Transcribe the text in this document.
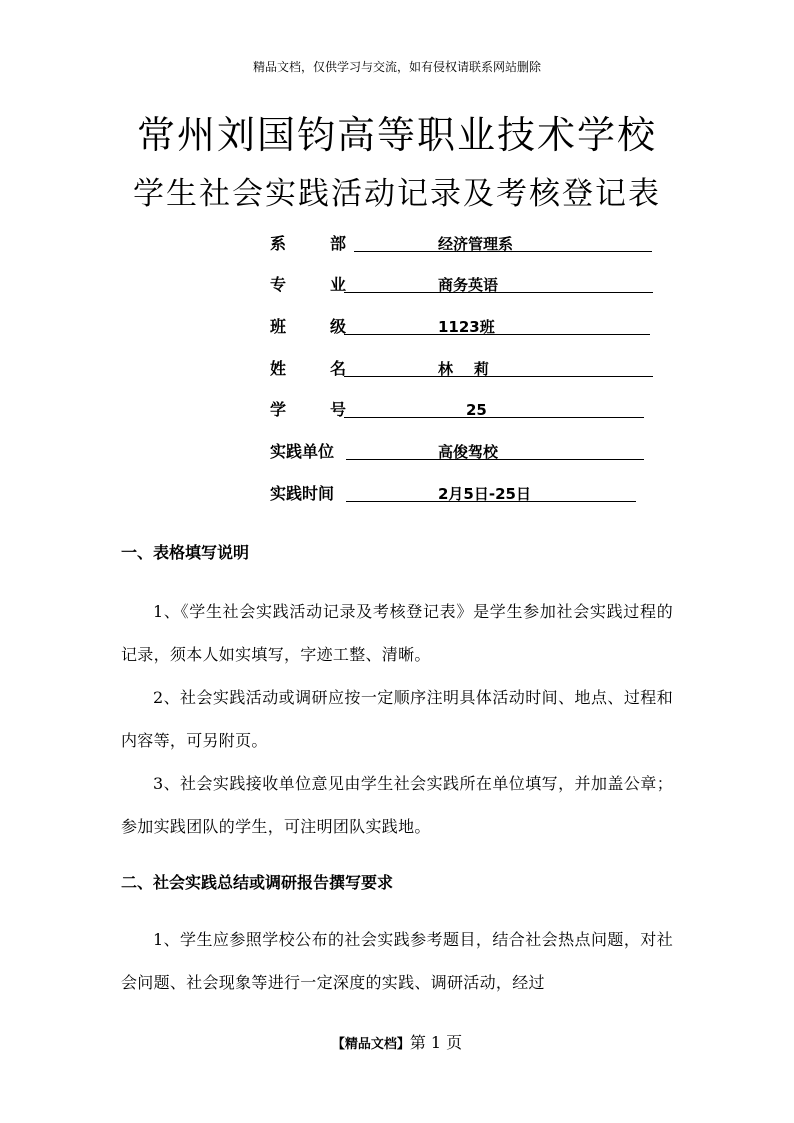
精品文档，仅供学习与交流，如有侵权请联系网站删除
常州刘国钧高等职业技术学校
学生社会实践活动记录及考核登记表
系	部	经济管理系
专	业	商务英语
班	级	1123班
姓	名	林    莉
学	号	25
实践单位	高俊驾校
实践时间	2月5日-25日
一、表格填写说明
1、《学生社会实践活动记录及考核登记表》是学生参加社会实践过程的记录，须本人如实填写，字迹工整、清晰。
2、社会实践活动或调研应按一定顺序注明具体活动时间、地点、过程和内容等，可另附页。
3、社会实践接收单位意见由学生社会实践所在单位填写，并加盖公章；参加实践团队的学生，可注明团队实践地。
二、社会实践总结或调研报告撰写要求
1、学生应参照学校公布的社会实践参考题目，结合社会热点问题，对社会问题、社会现象等进行一定深度的实践、调研活动，经过
【精品文档】第 1 页
